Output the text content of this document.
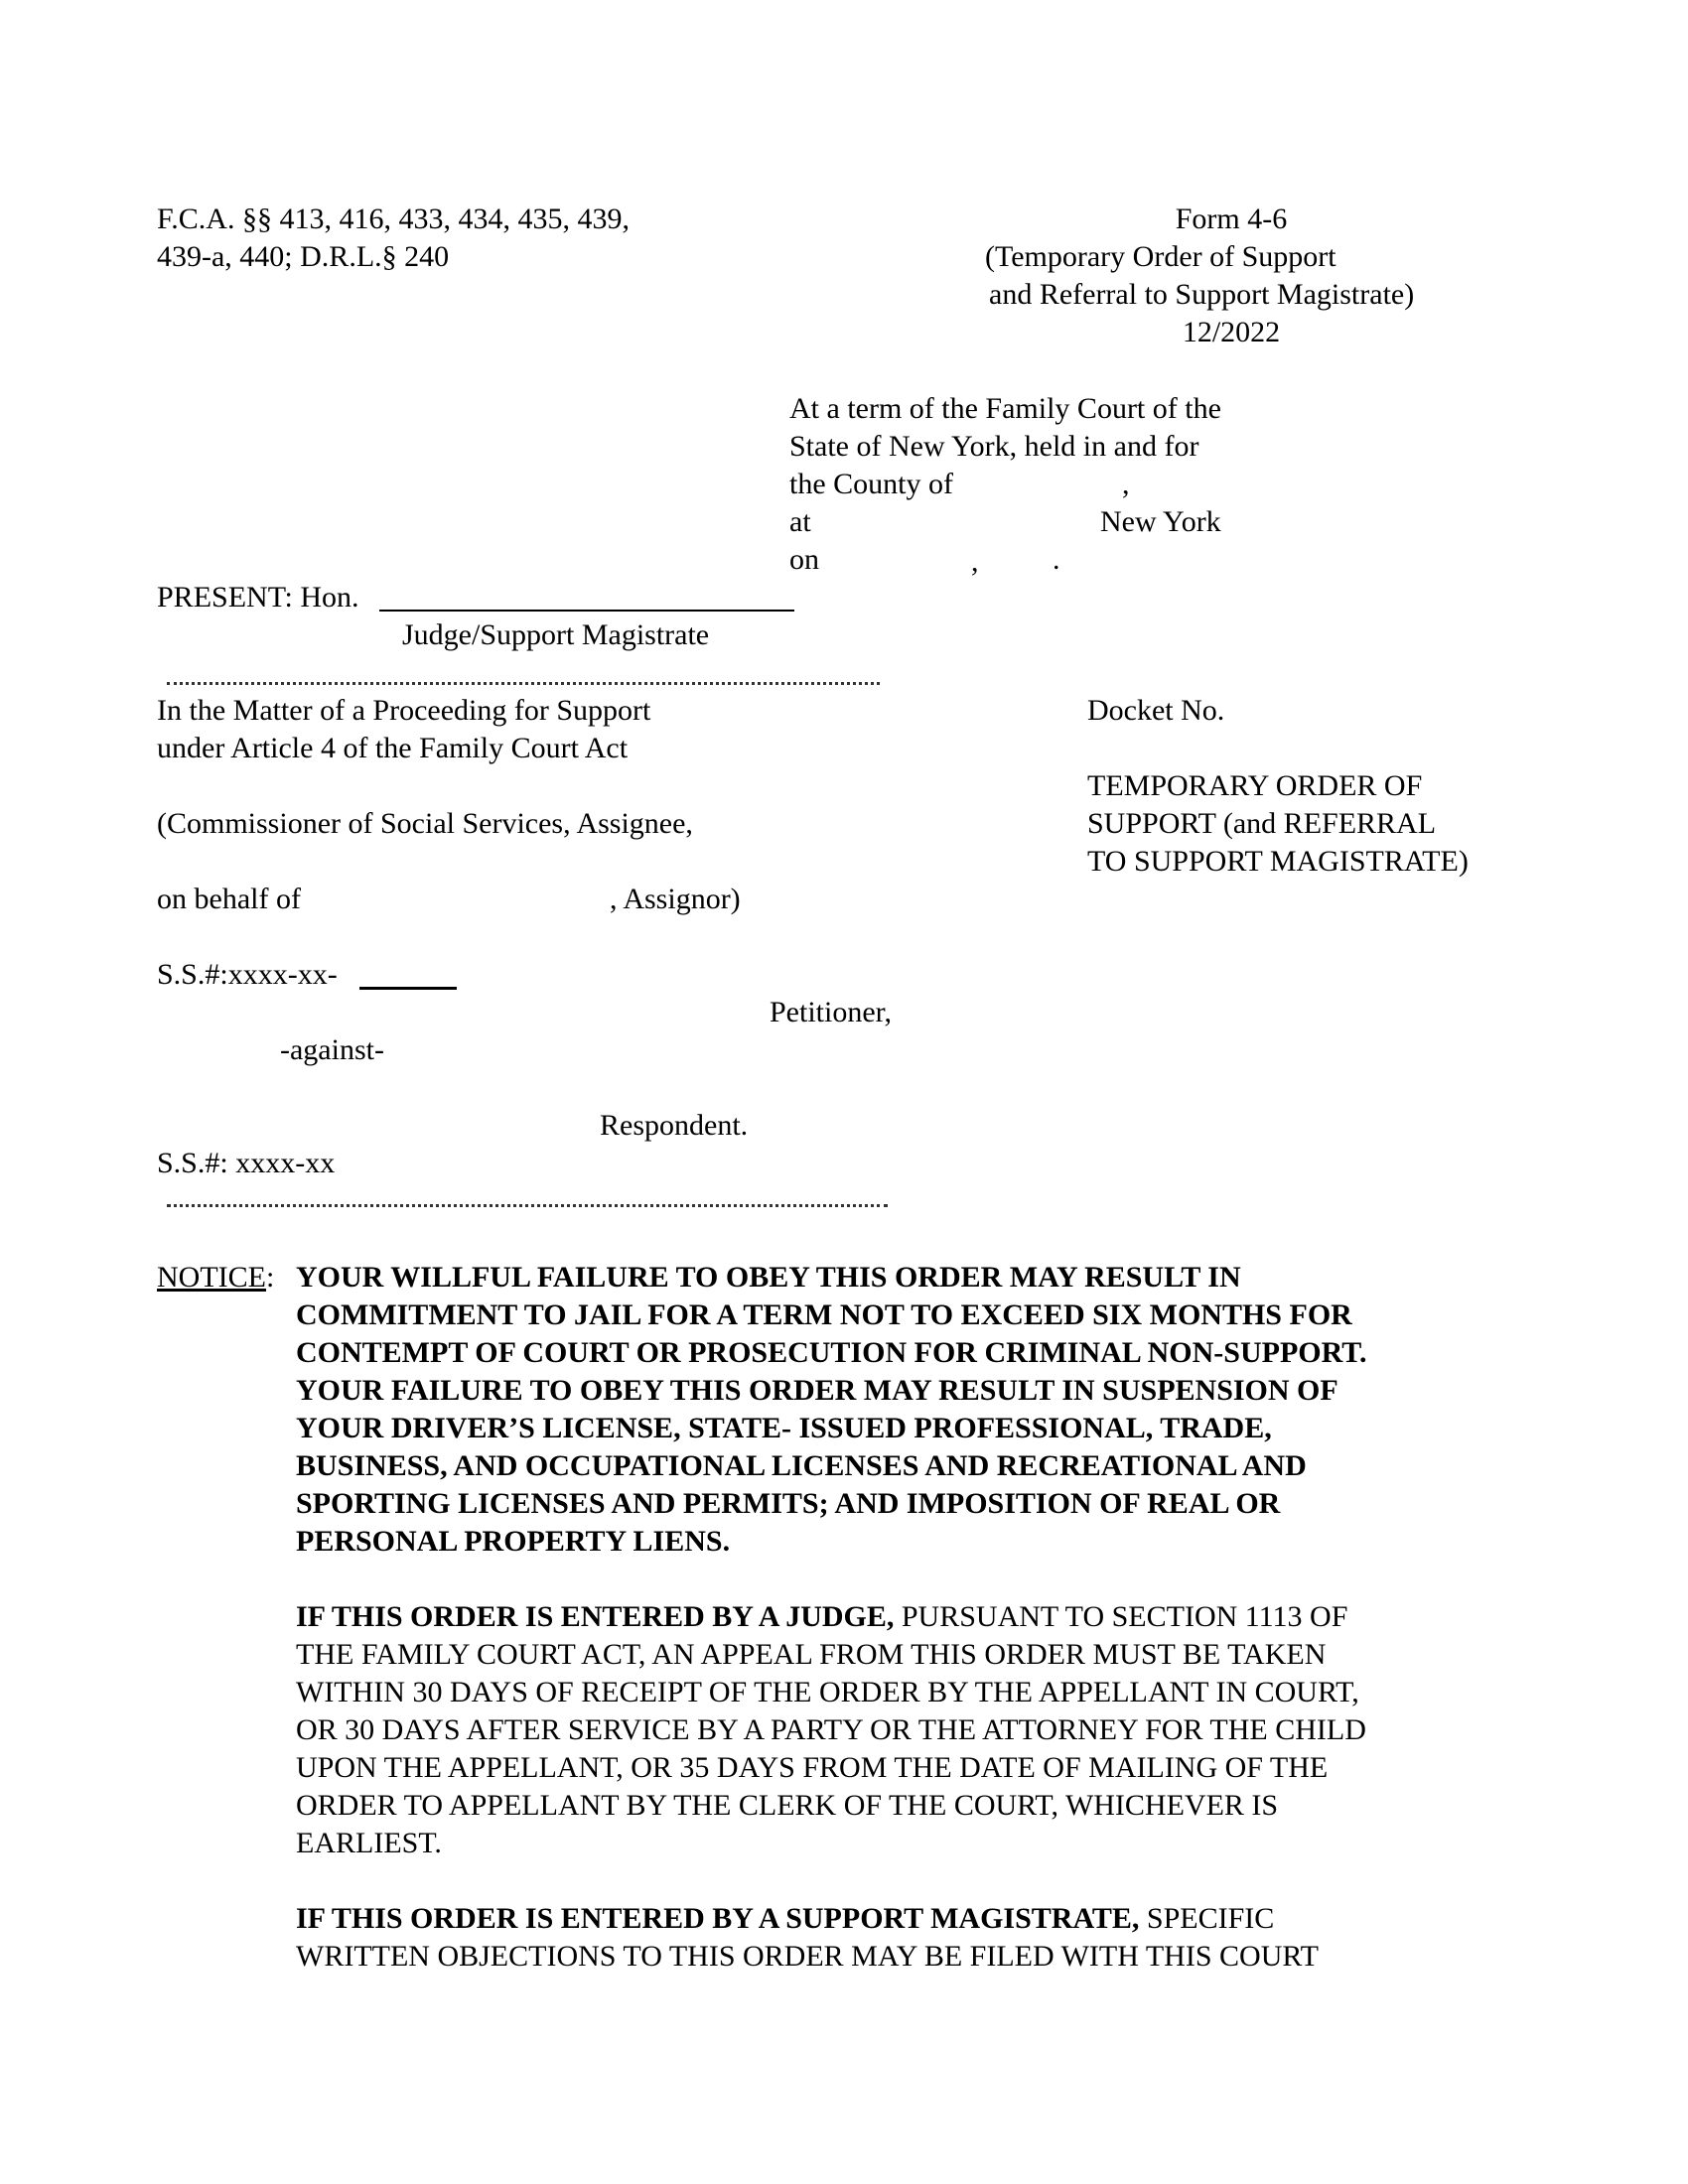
F.C.A. §§ 413, 416, 433, 434, 435, 439,
439-a, 440; D.R.L.§ 240
Form 4-6
(Temporary Order of Support
and Referral to Support Magistrate)
12/2022
At a term of the Family Court of the
State of New York, held in and for
the County of	,
at	New York
on	, .
PRESENT: Hon.
Judge/Support Magistrate
In the Matter of a Proceeding for Support
under Article 4 of the Family Court Act
(Commissioner of Social Services, Assignee,
on behalf of	, Assignor)
S.S.#:xxxx-xx-
Petitioner,
-against-
Respondent.
S.S.#: xxxx-xx
Docket No.
TEMPORARY ORDER OF
SUPPORT (and REFERRAL
TO SUPPORT MAGISTRATE)
NOTICE: YOUR WILLFUL FAILURE TO OBEY THIS ORDER MAY RESULT IN
COMMITMENT TO JAIL FOR A TERM NOT TO EXCEED SIX MONTHS FOR
CONTEMPT OF COURT OR PROSECUTION FOR CRIMINAL NON-SUPPORT.
YOUR FAILURE TO OBEY THIS ORDER MAY RESULT IN SUSPENSION OF
YOUR DRIVER’S LICENSE, STATE- ISSUED PROFESSIONAL, TRADE,
BUSINESS, AND OCCUPATIONAL LICENSES AND RECREATIONAL AND
SPORTING LICENSES AND PERMITS; AND IMPOSITION OF REAL OR
PERSONAL PROPERTY LIENS.
IF THIS ORDER IS ENTERED BY A JUDGE, PURSUANT TO SECTION 1113 OF
THE FAMILY COURT ACT, AN APPEAL FROM THIS ORDER MUST BE TAKEN
WITHIN 30 DAYS OF RECEIPT OF THE ORDER BY THE APPELLANT IN COURT,
OR 30 DAYS AFTER SERVICE BY A PARTY OR THE ATTORNEY FOR THE CHILD
UPON THE APPELLANT, OR 35 DAYS FROM THE DATE OF MAILING OF THE
ORDER TO APPELLANT BY THE CLERK OF THE COURT, WHICHEVER IS
EARLIEST.
IF THIS ORDER IS ENTERED BY A SUPPORT MAGISTRATE, SPECIFIC
WRITTEN OBJECTIONS TO THIS ORDER MAY BE FILED WITH THIS COURT
